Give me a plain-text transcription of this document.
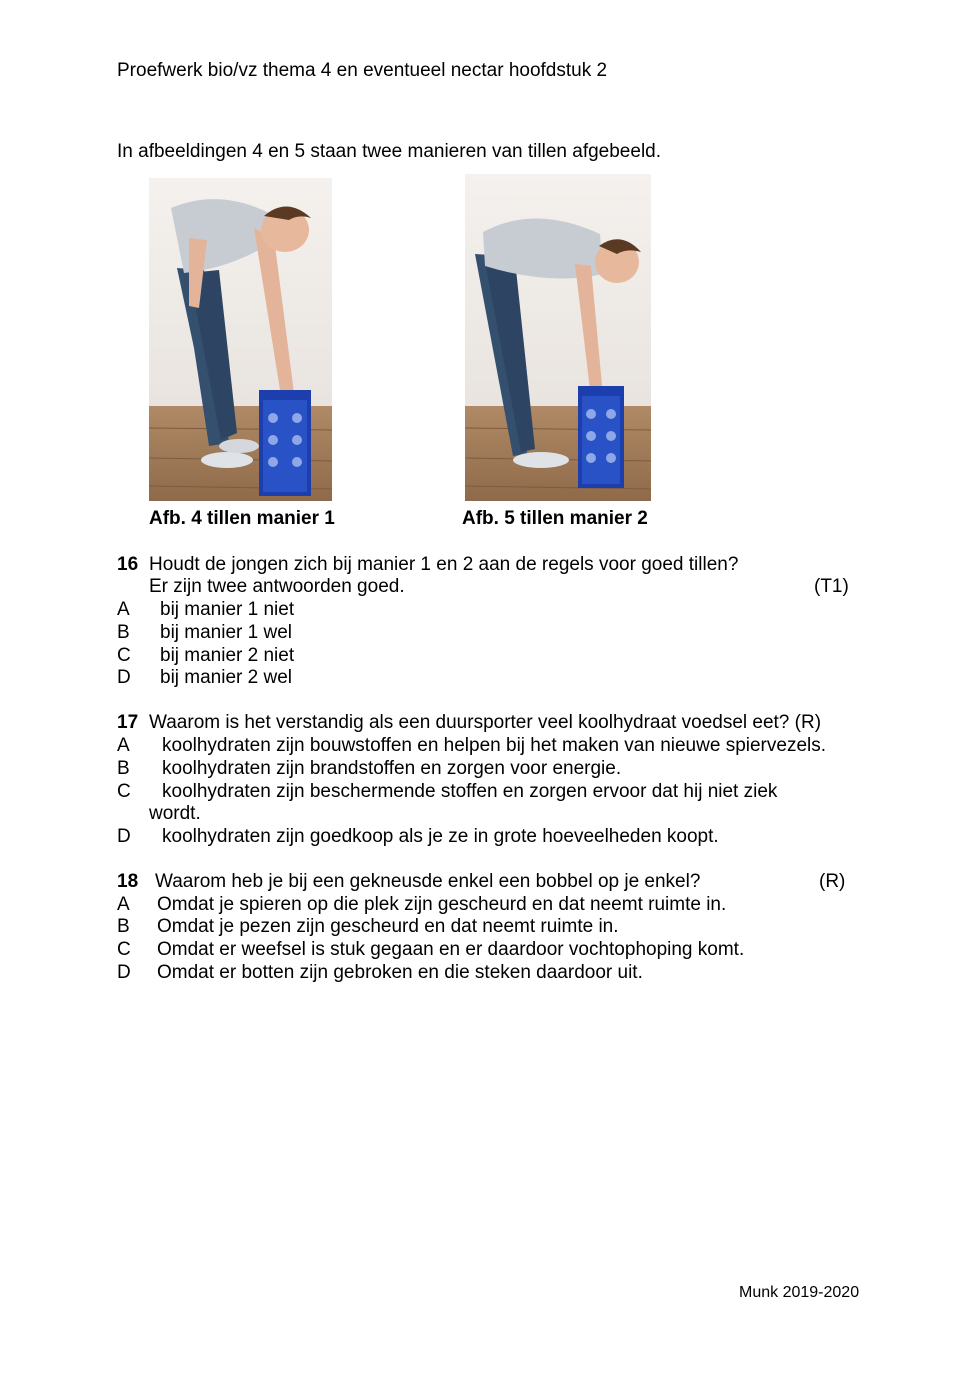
Proefwerk bio/vz thema 4 en eventueel nectar hoofdstuk 2
In afbeeldingen 4 en 5 staan twee manieren van tillen afgebeeld.
Afb. 4 tillen manier 1	Afb. 5 tillen manier 2
16 Houdt de jongen zich bij manier 1 en 2 aan de regels voor goed tillen?
Er zijn twee antwoorden goed.	(T1)
A bij manier 1 niet
B bij manier 1 wel
C bij manier 2 niet
D bij manier 2 wel
17 Waarom is het verstandig als een duursporter veel koolhydraat voedsel eet? (R)
A koolhydraten zijn bouwstoffen en helpen bij het maken van nieuwe spiervezels.
B koolhydraten zijn brandstoffen en zorgen voor energie.
C koolhydraten zijn beschermende stoffen en zorgen ervoor dat hij niet ziek
wordt.
D koolhydraten zijn goedkoop als je ze in grote hoeveelheden koopt.
18 Waarom heb je bij een gekneusde enkel een bobbel op je enkel?	(R)
A Omdat je spieren op die plek zijn gescheurd en dat neemt ruimte in.
B Omdat je pezen zijn gescheurd en dat neemt ruimte in.
C Omdat er weefsel is stuk gegaan en er daardoor vochtophoping komt.
D Omdat er botten zijn gebroken en die steken daardoor uit.
Munk 2019-2020
